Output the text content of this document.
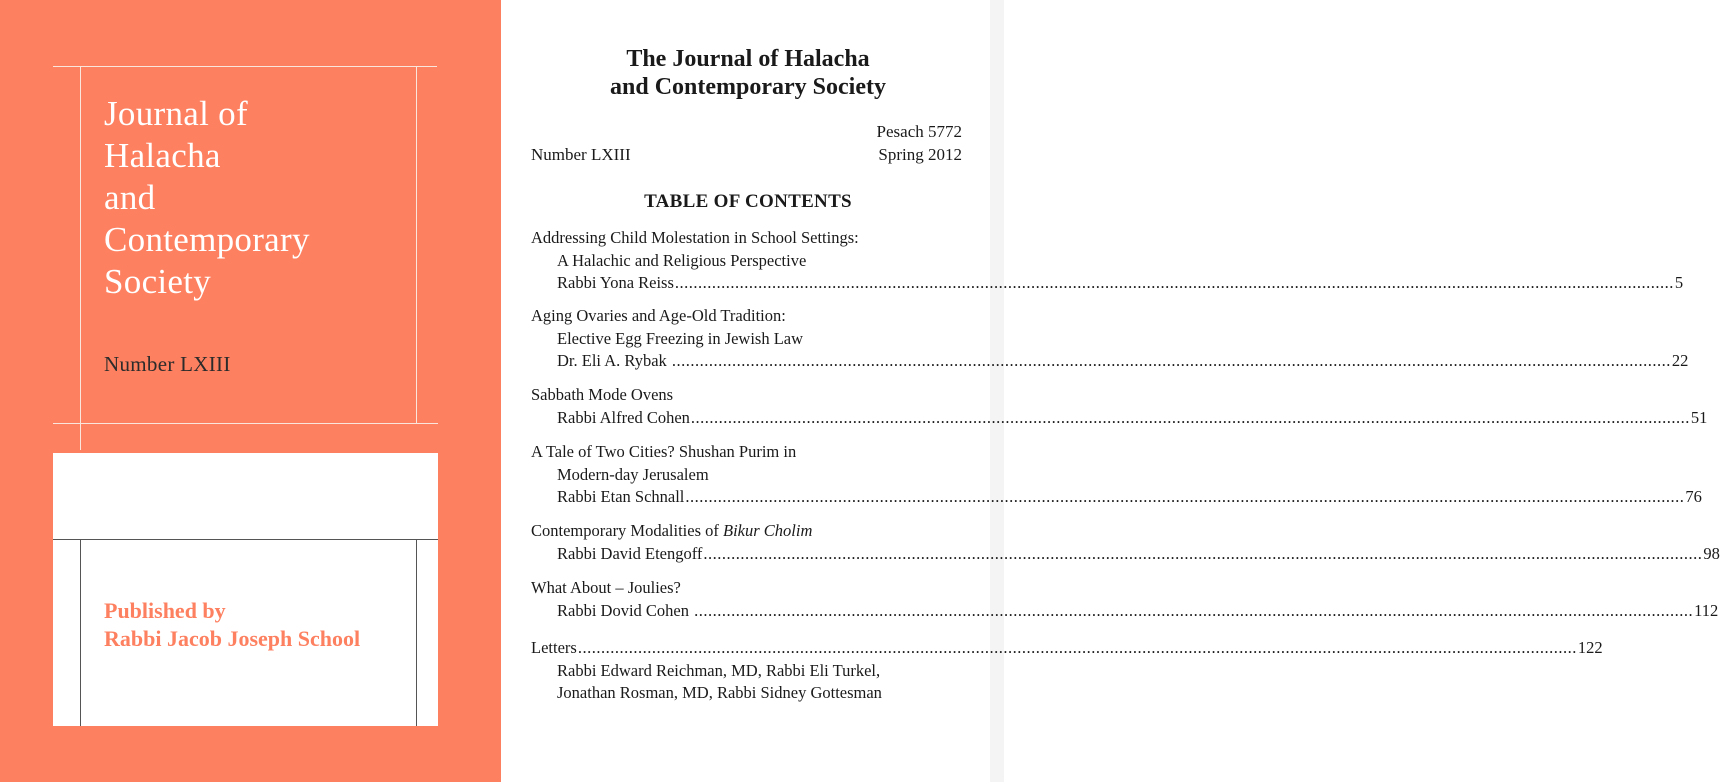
Journal of
Halacha
and
Contemporary
Society
Number LXIII
Published by
Rabbi Jacob Joseph School
The Journal of Halacha
and Contemporary Society
Pesach 5772
Number LXIII	Spring 2012
TABLE OF CONTENTS
Addressing Child Molestation in School Settings:
A Halachic and Religious Perspective
Rabbi Yona Reiss ........................................................................................................................................................................................................................ 5
Aging Ovaries and Age-Old Tradition:
Elective Egg Freezing in Jewish Law
Dr. Eli A. Rybak ........................................................................................................................................................................................................................ 22
Sabbath Mode Ovens
Rabbi Alfred Cohen ........................................................................................................................................................................................................................ 51
A Tale of Two Cities? Shushan Purim in
Modern-day Jerusalem
Rabbi Etan Schnall ........................................................................................................................................................................................................................ 76
Contemporary Modalities of Bikur Cholim
Rabbi David Etengoff ........................................................................................................................................................................................................................ 98
What About – Joulies?
Rabbi Dovid Cohen ........................................................................................................................................................................................................................ 112
Letters ........................................................................................................................................................................................................................ 122
Rabbi Edward Reichman, MD, Rabbi Eli Turkel,
Jonathan Rosman, MD, Rabbi Sidney Gottesman
